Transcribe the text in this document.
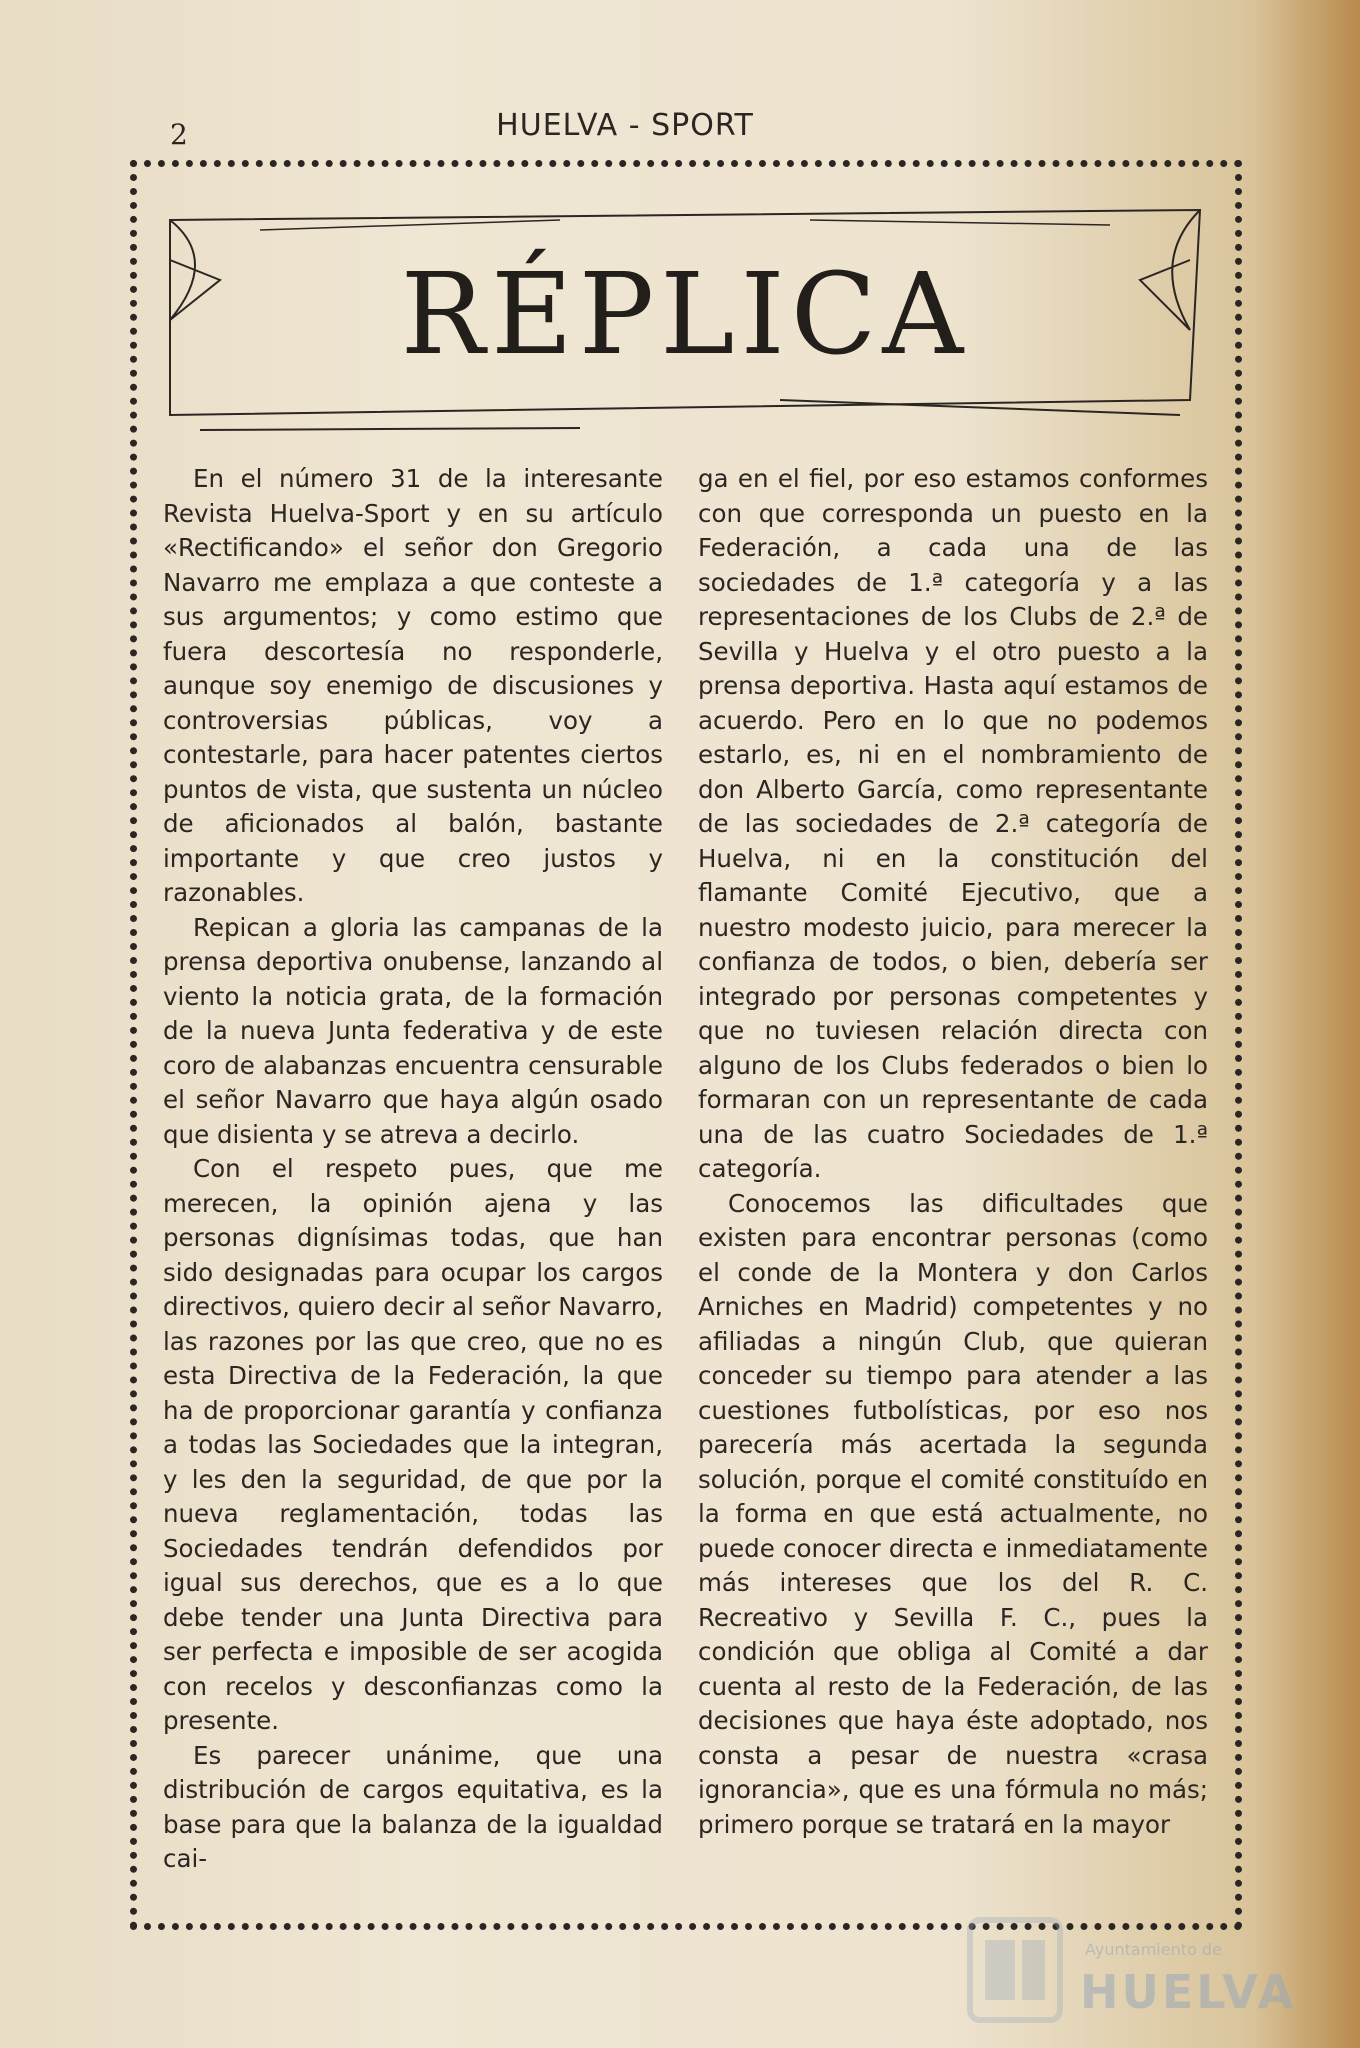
2	HUELVA - SPORT
RÉPLICA

En el número 31 de la interesante Revista Huelva-Sport y en su artículo «Rectificando» el señor don Gregorio Navarro me emplaza a que conteste a sus argumentos; y como estimo que fuera descortesía no responderle, aunque soy enemigo de discusiones y controversias públicas, voy a contestarle, para hacer patentes ciertos puntos de vista, que sustenta un núcleo de aficionados al balón, bastante importante y que creo justos y razonables.

Repican a gloria las campanas de la prensa deportiva onubense, lanzando al viento la noticia grata, de la formación de la nueva Junta federativa y de este coro de alabanzas encuentra censurable el señor Navarro que haya algún osado que disienta y se atreva a decirlo.

Con el respeto pues, que me merecen, la opinión ajena y las personas dignísimas todas, que han sido designadas para ocupar los cargos directivos, quiero decir al señor Navarro, las razones por las que creo, que no es esta Directiva de la Federación, la que ha de proporcionar garantía y confianza a todas las Sociedades que la integran, y les den la seguridad, de que por la nueva reglamentación, todas las Sociedades tendrán defendidos por igual sus derechos, que es a lo que debe tender una Junta Directiva para ser perfecta e imposible de ser acogida con recelos y desconfianzas como la presente.

Es parecer unánime, que una distribución de cargos equitativa, es la base para que la balanza de la igualdad cai-

ga en el fiel, por eso estamos conformes con que corresponda un puesto en la Federación, a cada una de las sociedades de 1.ª categoría y a las representaciones de los Clubs de 2.ª de Sevilla y Huelva y el otro puesto a la prensa deportiva. Hasta aquí estamos de acuerdo. Pero en lo que no podemos estarlo, es, ni en el nombramiento de don Alberto García, como representante de las sociedades de 2.ª categoría de Huelva, ni en la constitución del flamante Comité Ejecutivo, que a nuestro modesto juicio, para merecer la confianza de todos, o bien, debería ser integrado por personas competentes y que no tuviesen relación directa con alguno de los Clubs federados o bien lo formaran con un representante de cada una de las cuatro Sociedades de 1.ª categoría.

Conocemos las dificultades que existen para encontrar personas (como el conde de la Montera y don Carlos Arniches en Madrid) competentes y no afiliadas a ningún Club, que quieran conceder su tiempo para atender a las cuestiones futbolísticas, por eso nos parecería más acertada la segunda solución, porque el comité constituído en la forma en que está actualmente, no puede conocer directa e inmediatamente más intereses que los del R. C. Recreativo y Sevilla F. C., pues la condición que obliga al Comité a dar cuenta al resto de la Federación, de las decisiones que haya éste adoptado, nos consta a pesar de nuestra «crasa ignorancia», que es una fórmula no más; primero porque se tratará en la mayor

Ayuntamiento de
HUELVA
